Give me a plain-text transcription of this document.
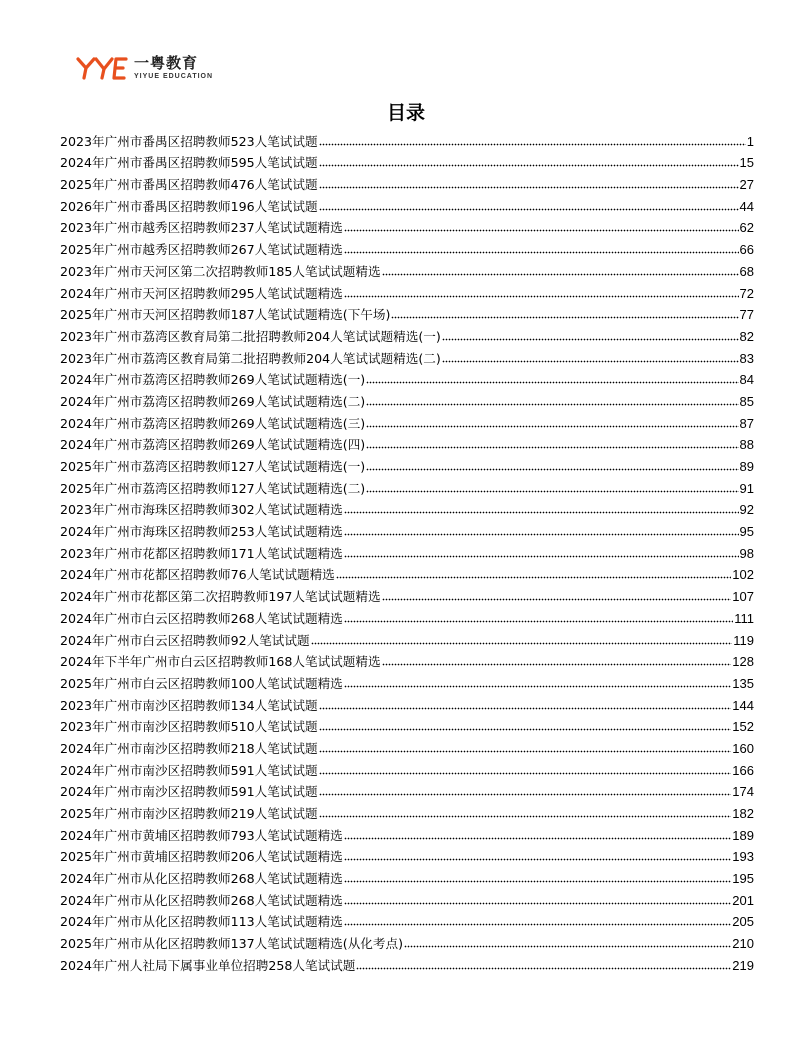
一粤教育
YIYUE EDUCATION
目录
2023年广州市番禺区招聘教师523人笔试试题	1
2024年广州市番禺区招聘教师595人笔试试题	15
2025年广州市番禺区招聘教师476人笔试试题	27
2026年广州市番禺区招聘教师196人笔试试题	44
2023年广州市越秀区招聘教师237人笔试试题精选	62
2025年广州市越秀区招聘教师267人笔试试题精选	66
2023年广州市天河区第二次招聘教师185人笔试试题精选	68
2024年广州市天河区招聘教师295人笔试试题精选	72
2025年广州市天河区招聘教师187人笔试试题精选(下午场)	77
2023年广州市荔湾区教育局第二批招聘教师204人笔试试题精选(一)	82
2023年广州市荔湾区教育局第二批招聘教师204人笔试试题精选(二)	83
2024年广州市荔湾区招聘教师269人笔试试题精选(一)	84
2024年广州市荔湾区招聘教师269人笔试试题精选(二)	85
2024年广州市荔湾区招聘教师269人笔试试题精选(三)	87
2024年广州市荔湾区招聘教师269人笔试试题精选(四)	88
2025年广州市荔湾区招聘教师127人笔试试题精选(一)	89
2025年广州市荔湾区招聘教师127人笔试试题精选(二)	91
2023年广州市海珠区招聘教师302人笔试试题精选	92
2024年广州市海珠区招聘教师253人笔试试题精选	95
2023年广州市花都区招聘教师171人笔试试题精选	98
2024年广州市花都区招聘教师76人笔试试题精选	102
2024年广州市花都区第二次招聘教师197人笔试试题精选	107
2024年广州市白云区招聘教师268人笔试试题精选	111
2024年广州市白云区招聘教师92人笔试试题	119
2024年下半年广州市白云区招聘教师168人笔试试题精选	128
2025年广州市白云区招聘教师100人笔试试题精选	135
2023年广州市南沙区招聘教师134人笔试试题	144
2023年广州市南沙区招聘教师510人笔试试题	152
2024年广州市南沙区招聘教师218人笔试试题	160
2024年广州市南沙区招聘教师591人笔试试题	166
2024年广州市南沙区招聘教师591人笔试试题	174
2025年广州市南沙区招聘教师219人笔试试题	182
2024年广州市黄埔区招聘教师793人笔试试题精选	189
2025年广州市黄埔区招聘教师206人笔试试题精选	193
2024年广州市从化区招聘教师268人笔试试题精选	195
2024年广州市从化区招聘教师268人笔试试题精选	201
2024年广州市从化区招聘教师113人笔试试题精选	205
2025年广州市从化区招聘教师137人笔试试题精选(从化考点)	210
2024年广州人社局下属事业单位招聘258人笔试试题	219
